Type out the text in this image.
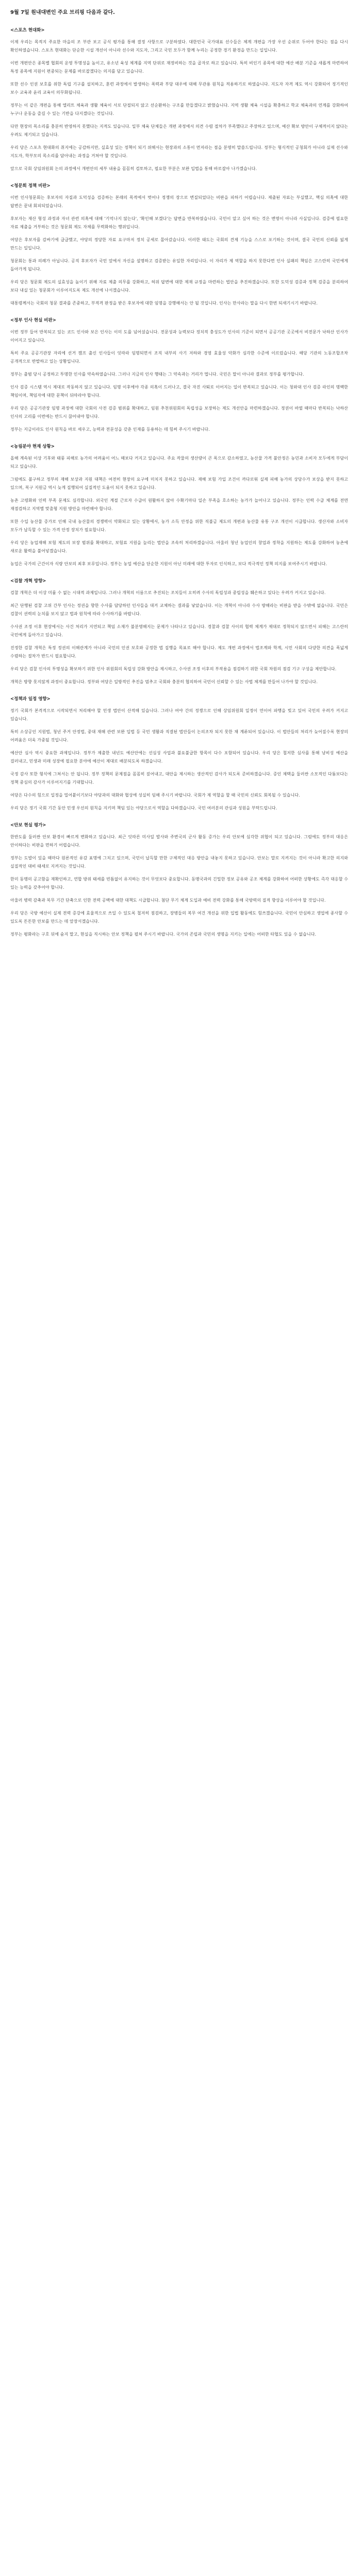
9월 7일 원내대변인 주요 브리핑 다음과 같다.
<스포츠 현대화>

이제 우리는 목적지 주요한 마을의 조 부관 보고 공식 평가를 통해 결정 사항으로 구분하였다. 대한민국 국가대표 선수들은 체계 개편을 가장 우선 순위로 두어야 한다는 점을 다시 확인하였습니다. 스포츠 현대화는 단순한 시설 개선이 아니라 선수와 지도자, 그리고 국민 모두가 함께 누리는 공정한 경기 환경을 만드는 일입니다.

이번 개편안은 종목별 협회의 운영 투명성을 높이고, 유소년 육성 체계를 지역 단위로 재정비하는 것을 골자로 하고 있습니다. 특히 비인기 종목에 대한 예산 배분 기준을 새롭게 마련하여 특정 종목에 지원이 편중되는 문제를 바로잡겠다는 의지를 담고 있습니다.

또한 선수 인권 보호를 위한 독립 기구를 설치하고, 훈련 과정에서 발생하는 폭력과 부당 대우에 대해 무관용 원칙을 적용하기로 하였습니다. 지도자 자격 제도 역시 강화되어 정기적인 보수 교육과 윤리 교육이 의무화됩니다.

정부는 이 같은 개편을 통해 엘리트 체육과 생활 체육이 서로 단절되지 않고 선순환하는 구조를 만들겠다고 밝혔습니다. 지역 생활 체육 시설을 확충하고 학교 체육과의 연계를 강화하여 누구나 운동을 즐길 수 있는 기반을 다지겠다는 것입니다.

다만 현장의 목소리를 충분히 반영하지 못했다는 지적도 있습니다. 일부 체육 단체들은 개편 과정에서 의견 수렴 절차가 부족했다고 주장하고 있으며, 예산 확보 방안이 구체적이지 않다는 우려도 제기되고 있습니다.

우리 당은 스포츠 현대화의 취지에는 공감하지만, 실효성 있는 정책이 되기 위해서는 현장과의 소통이 먼저라는 점을 분명히 말씀드립니다. 정부는 형식적인 공청회가 아니라 실제 선수와 지도자, 학부모의 목소리를 담아내는 과정을 거쳐야 할 것입니다.

앞으로 국회 상임위원회 논의 과정에서 개편안의 세부 내용을 꼼꼼히 검토하고, 필요한 부분은 보완 입법을 통해 바로잡아 나가겠습니다.

<청문회 정책 비판>

이번 인사청문회는 후보자의 자질과 도덕성을 검증하는 본래의 목적에서 벗어나 정쟁의 장으로 변질되었다는 비판을 피하기 어렵습니다. 제출된 자료는 부실했고, 핵심 의혹에 대한 답변은 끝내 회피되었습니다.

후보자는 재산 형성 과정과 자녀 관련 의혹에 대해 '기억나지 않는다', '확인해 보겠다'는 답변을 반복하였습니다. 국민이 알고 싶어 하는 것은 변명이 아니라 사실입니다. 검증에 필요한 자료 제출을 거부하는 것은 청문회 제도 자체를 무력화하는 행위입니다.

여당은 후보자를 감싸기에 급급했고, 야당의 정당한 자료 요구마저 정치 공세로 몰아갔습니다. 이러한 태도는 국회의 견제 기능을 스스로 포기하는 것이며, 결국 국민의 신뢰를 잃게 만드는 일입니다.

청문회는 통과 의례가 아닙니다. 공직 후보자가 국민 앞에서 자신을 설명하고 검증받는 유일한 자리입니다. 이 자리가 제 역할을 하지 못한다면 인사 실패의 책임은 고스란히 국민에게 돌아가게 됩니다.

우리 당은 청문회 제도의 실효성을 높이기 위해 자료 제출 의무를 강화하고, 허위 답변에 대한 제재 규정을 마련하는 법안을 추진하겠습니다. 또한 도덕성 검증과 정책 검증을 분리하여 보다 내실 있는 청문회가 이루어지도록 제도 개선에 나서겠습니다.

대통령께서는 국회의 청문 결과를 존중하고, 부적격 판정을 받은 후보자에 대한 임명을 강행해서는 안 될 것입니다. 인사는 만사라는 말을 다시 한번 되새기시기 바랍니다.

<정부 인사 현실 비판>

이번 정부 들어 반복되고 있는 코드 인사와 보은 인사는 이미 도를 넘어섰습니다. 전문성과 능력보다 정치적 충성도가 인사의 기준이 되면서 공공기관 곳곳에서 비전문가 낙하산 인사가 이어지고 있습니다.

특히 주요 공공기관장 자리에 선거 캠프 출신 인사들이 잇따라 임명되면서 조직 내부의 사기 저하와 경영 효율성 악화가 심각한 수준에 이르렀습니다. 해당 기관의 노동조합조차 공개적으로 반발하고 있는 상황입니다.

정부는 출범 당시 공정하고 투명한 인사를 약속하였습니다. 그러나 지금의 인사 행태는 그 약속과는 거리가 멉니다. 국민은 말이 아니라 결과로 정부를 평가합니다.

인사 검증 시스템 역시 제대로 작동하지 않고 있습니다. 임명 이후에야 각종 의혹이 드러나고, 결국 자진 사퇴로 이어지는 일이 반복되고 있습니다. 이는 청와대 인사 검증 라인의 명백한 책임이며, 책임자에 대한 문책이 뒤따라야 합니다.

우리 당은 공공기관장 임명 과정에 대한 국회의 사전 검증 범위를 확대하고, 임원 추천위원회의 독립성을 보장하는 제도 개선안을 마련하겠습니다. 정권이 바뀔 때마다 반복되는 낙하산 인사의 고리를 이번에는 반드시 끊어내야 합니다.

정부는 지금이라도 인사 원칙을 바로 세우고, 능력과 전문성을 갖춘 인재를 등용하는 데 힘써 주시기 바랍니다.

<농림분야 현재 상황>

올해 계속된 이상 기후와 태풍 피해로 농가의 어려움이 어느 때보다 커지고 있습니다. 주요 작물의 생산량이 큰 폭으로 감소하였고, 농산물 가격 불안정은 농민과 소비자 모두에게 부담이 되고 있습니다.

그럼에도 불구하고 정부의 재해 보상과 지원 대책은 여전히 현장의 요구에 미치지 못하고 있습니다. 재해 보험 가입 조건이 까다로워 실제 피해 농가의 상당수가 보상을 받지 못하고 있으며, 복구 지원금 역시 늦게 집행되어 실질적인 도움이 되지 못하고 있습니다.

농촌 고령화와 인력 부족 문제도 심각합니다. 외국인 계절 근로자 수급이 원활하지 않아 수확기마다 일손 부족을 호소하는 농가가 늘어나고 있습니다. 정부는 인력 수급 체계를 전면 재점검하고 지역별 맞춤형 지원 방안을 마련해야 합니다.

또한 수입 농산물 증가로 인해 국내 농산물의 경쟁력이 약화되고 있는 상황에서, 농가 소득 안정을 위한 직불금 제도의 개편과 농산물 유통 구조 개선이 시급합니다. 생산자와 소비자 모두가 납득할 수 있는 가격 안정 장치가 필요합니다.

우리 당은 농업재해 보험 제도의 보장 범위를 확대하고, 보험료 지원을 늘리는 법안을 조속히 처리하겠습니다. 아울러 청년 농업인의 창업과 정착을 지원하는 제도를 강화하여 농촌에 새로운 활력을 불어넣겠습니다.

농업은 국가의 근간이자 식량 안보의 최후 보루입니다. 정부는 농업 예산을 단순한 지원이 아닌 미래에 대한 투자로 인식하고, 보다 적극적인 정책 의지를 보여주시기 바랍니다.

<검찰 개혁 방향>

검찰 개혁은 더 이상 미룰 수 없는 시대적 과제입니다. 그러나 개혁의 이름으로 추진되는 조치들이 오히려 수사의 독립성과 중립성을 훼손하고 있다는 우려가 커지고 있습니다.

최근 단행된 검찰 고위 간부 인사는 정권을 향한 수사를 담당하던 인사들을 대거 교체하는 결과를 낳았습니다. 이는 개혁이 아니라 수사 방해라는 비판을 받을 수밖에 없습니다. 국민은 검찰이 권력의 눈치를 보지 않고 법과 원칙에 따라 수사하기를 바랍니다.

수사권 조정 이후 현장에서는 사건 처리가 지연되고 책임 소재가 불분명해지는 문제가 나타나고 있습니다. 경찰과 검찰 사이의 협력 체계가 제대로 정착되지 않으면서 피해는 고스란히 국민에게 돌아가고 있습니다.

진정한 검찰 개혁은 특정 정권의 이해관계가 아니라 국민의 인권 보호와 공정한 법 집행을 목표로 해야 합니다. 제도 개편 과정에서 법조계와 학계, 시민 사회의 다양한 의견을 폭넓게 수렴하는 절차가 반드시 필요합니다.

우리 당은 검찰 인사의 투명성을 확보하기 위한 인사 위원회의 독립성 강화 방안을 제시하고, 수사권 조정 이후의 부작용을 점검하기 위한 국회 차원의 점검 기구 구성을 제안합니다.

개혁은 방향 못지않게 과정이 중요합니다. 정부와 여당은 일방적인 추진을 멈추고 국회와 충분히 협의하여 국민이 신뢰할 수 있는 사법 체계를 만들어 나가야 할 것입니다.

<정책과 일정 영향>

정기 국회가 본격적으로 시작되면서 처리해야 할 민생 법안이 산적해 있습니다. 그러나 여야 간의 정쟁으로 인해 상임위원회 일정이 연이어 파행을 빚고 있어 국민의 우려가 커지고 있습니다.

특히 소상공인 지원법, 청년 주거 안정법, 중대 재해 관련 보완 입법 등 국민 생활과 직결된 법안들이 논의조차 되지 못한 채 계류되어 있습니다. 이 법안들의 처리가 늦어질수록 현장의 어려움은 더욱 가중될 것입니다.

예산안 심사 역시 중요한 과제입니다. 정부가 제출한 내년도 예산안에는 선심성 사업과 불요불급한 항목이 다수 포함되어 있습니다. 우리 당은 철저한 심사를 통해 낭비성 예산을 걸러내고, 민생과 미래 성장에 필요한 분야에 예산이 제대로 배분되도록 하겠습니다.

국정 감사 또한 형식에 그쳐서는 안 됩니다. 정부 정책의 문제점을 꼼꼼히 짚어내고, 대안을 제시하는 생산적인 감사가 되도록 준비하겠습니다. 증인 채택을 둘러싼 소모적인 다툼보다는 정책 중심의 감사가 이루어지기를 기대합니다.

여당은 다수의 힘으로 일정을 밀어붙이기보다 야당과의 대화와 협상에 성실히 임해 주시기 바랍니다. 국회가 제 역할을 할 때 국민의 신뢰도 회복될 수 있습니다.

우리 당은 정기 국회 기간 동안 민생 우선의 원칙을 지키며 책임 있는 야당으로서 역할을 다하겠습니다. 국민 여러분의 관심과 성원을 부탁드립니다.

<안보 현실 평가>

한반도를 둘러싼 안보 환경이 빠르게 변화하고 있습니다. 최근 잇따른 미사일 발사와 주변국의 군사 활동 증가는 우리 안보에 심각한 위협이 되고 있습니다. 그럼에도 정부의 대응은 안이하다는 비판을 면하기 어렵습니다.

정부는 도발이 있을 때마다 원론적인 유감 표명에 그치고 있으며, 국민이 납득할 만한 구체적인 대응 방안을 내놓지 못하고 있습니다. 안보는 말로 지켜지는 것이 아니라 확고한 의지와 실질적인 대비 태세로 지켜지는 것입니다.

한미 동맹의 공고함을 재확인하고, 연합 방위 태세를 빈틈없이 유지하는 것이 무엇보다 중요합니다. 동맹국과의 긴밀한 정보 공유와 공조 체계를 강화하여 어떠한 상황에도 즉각 대응할 수 있는 능력을 갖추어야 합니다.

아울러 병력 감축과 복무 기간 단축으로 인한 전력 공백에 대한 대책도 시급합니다. 첨단 무기 체계 도입과 예비 전력 강화를 통해 국방력의 질적 향상을 이루어야 할 것입니다.

우리 당은 국방 예산이 실제 전력 증강에 효율적으로 쓰일 수 있도록 철저히 점검하고, 장병들의 복무 여건 개선을 위한 입법 활동에도 힘쓰겠습니다. 국민이 안심하고 생업에 종사할 수 있도록 튼튼한 안보를 만드는 데 앞장서겠습니다.

정부는 평화라는 구호 뒤에 숨지 말고, 현실을 직시하는 안보 정책을 펼쳐 주시기 바랍니다. 국가의 존립과 국민의 생명을 지키는 일에는 어떠한 타협도 있을 수 없습니다.
